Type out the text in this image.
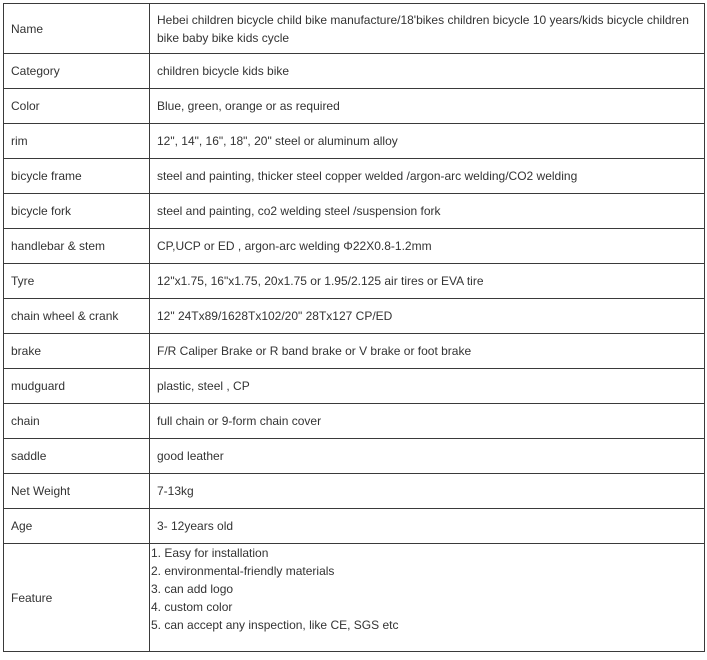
Name	Hebei children bicycle child bike manufacture/18'bikes children bicycle 10 years/kids bicycle children bike baby bike kids cycle
Category	children bicycle kids bike
Color	Blue, green, orange or as required
rim	12", 14", 16", 18", 20" steel or aluminum alloy
bicycle frame	steel and painting, thicker steel copper welded /argon-arc welding/CO2 welding
bicycle fork	steel and painting, co2 welding steel /suspension fork
handlebar & stem	CP,UCP or ED , argon-arc welding Φ22X0.8-1.2mm
Tyre	12"x1.75, 16"x1.75, 20x1.75 or 1.95/2.125 air tires or EVA tire
chain wheel & crank	12" 24Tx89/1628Tx102/20" 28Tx127 CP/ED
brake	F/R Caliper Brake or R band brake or V brake or foot brake
mudguard	plastic, steel , CP
chain	full chain or 9-form chain cover
saddle	good leather
Net Weight	7-13kg
Age	3- 12years old
Feature	1. Easy for installation
2. environmental-friendly materials
3. can add logo
4. custom color
5. can accept any inspection, like CE, SGS etc
